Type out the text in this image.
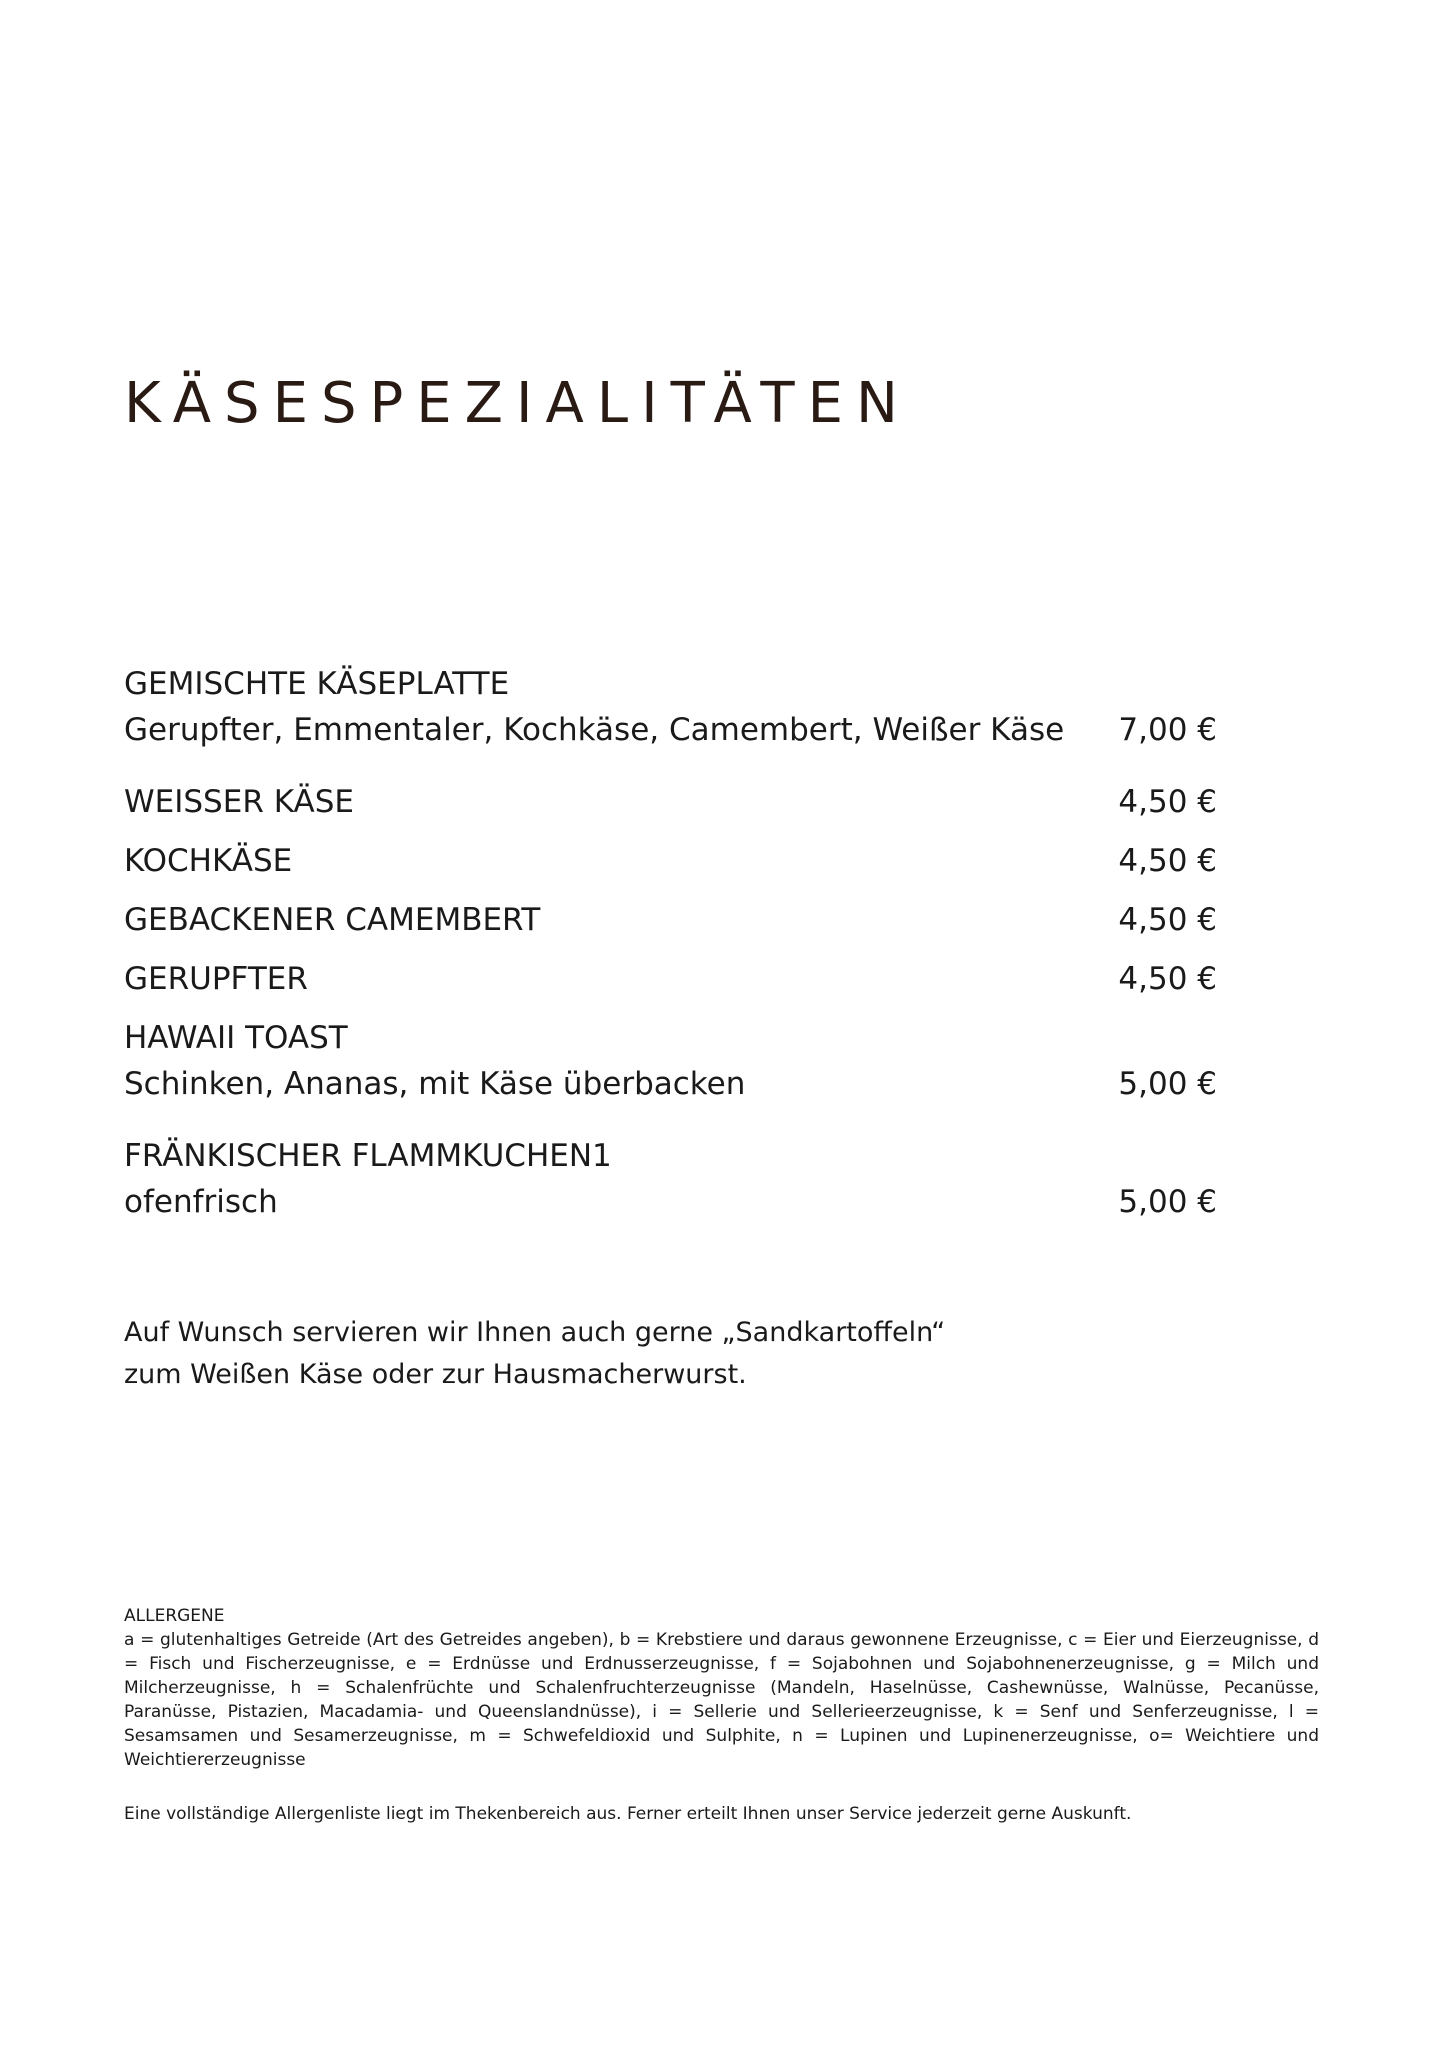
KÄSESPEZIALITÄTEN
GEMISCHTE KÄSEPLATTE
Gerupfter, Emmentaler, Kochkäse, Camembert, Weißer Käse 7,00 €
WEISSER KÄSE	4,50 €
KOCHKÄSE	4,50 €
GEBACKENER CAMEMBERT	4,50 €
GERUPFTER	4,50 €
HAWAII TOAST
Schinken, Ananas, mit Käse überbacken	5,00 €
FRÄNKISCHER FLAMMKUCHEN1
ofenfrisch	5,00 €
Auf Wunsch servieren wir Ihnen auch gerne „Sandkartoffeln“
zum Weißen Käse oder zur Hausmacherwurst.
ALLERGENE

a = glutenhaltiges Getreide (Art des Getreides angeben), b = Krebstiere und daraus gewonnene Erzeugnisse, c = Eier und Eierzeugnisse, d = Fisch und Fischerzeugnisse, e = Erdnüsse und Erdnusserzeugnisse, f = Sojabohnen und Sojabohnenerzeugnisse, g = Milch und Milcherzeugnisse, h = Schalenfrüchte und Schalenfruchterzeugnisse (Mandeln, Haselnüsse, Cashewnüsse, Walnüsse, Pecanüsse, Paranüsse, Pistazien, Macadamia- und Queenslandnüsse), i = Sellerie und Sellerieerzeugnisse, k = Senf und Senferzeugnisse, l = Sesamsamen und Sesamerzeugnisse, m = Schwefeldioxid und Sulphite, n = Lupinen und Lupinenerzeugnisse, o= Weichtiere und Weichtiererzeugnisse

Eine vollständige Allergenliste liegt im Thekenbereich aus. Ferner erteilt Ihnen unser Service jederzeit gerne Auskunft.
